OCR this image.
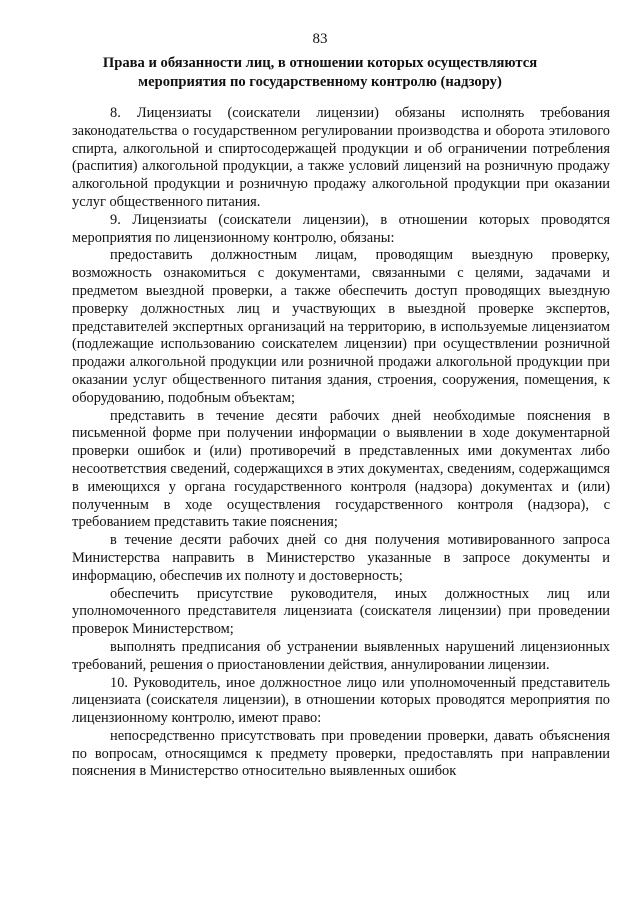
83
Права и обязанности лиц, в отношении которых осуществляются
мероприятия по государственному контролю (надзору)

8. Лицензиаты (соискатели лицензии) обязаны исполнять требования законодательства о государственном регулировании производства и оборота этилового спирта, алкогольной и спиртосодержащей продукции и об ограничении потребления (распития) алкогольной продукции, а также условий лицензий на розничную продажу алкогольной продукции и розничную продажу алкогольной продукции при оказании услуг общественного питания.

9. Лицензиаты (соискатели лицензии), в отношении которых проводятся мероприятия по лицензионному контролю, обязаны:

предоставить должностным лицам, проводящим выездную проверку, возможность ознакомиться с документами, связанными с целями, задачами и предметом выездной проверки, а также обеспечить доступ проводящих выездную проверку должностных лиц и участвующих в выездной проверке экспертов, представителей экспертных организаций на территорию, в используемые лицензиатом (подлежащие использованию соискателем лицензии) при осуществлении розничной продажи алкогольной продукции или розничной продажи алкогольной продукции при оказании услуг общественного питания здания, строения, сооружения, помещения, к оборудованию, подобным объектам;

представить в течение десяти рабочих дней необходимые пояснения в письменной форме при получении информации о выявлении в ходе документарной проверки ошибок и (или) противоречий в представленных ими документах либо несоответствия сведений, содержащихся в этих документах, сведениям, содержащимся в имеющихся у органа государственного контроля (надзора) документах и (или) полученным в ходе осуществления государственного контроля (надзора), с требованием представить такие пояснения;

в течение десяти рабочих дней со дня получения мотивированного запроса Министерства направить в Министерство указанные в запросе документы и информацию, обеспечив их полноту и достоверность;

обеспечить присутствие руководителя, иных должностных лиц или уполномоченного представителя лицензиата (соискателя лицензии) при проведении проверок Министерством;

выполнять предписания об устранении выявленных нарушений лицензионных требований, решения о приостановлении действия, аннулировании лицензии.

10. Руководитель, иное должностное лицо или уполномоченный представитель лицензиата (соискателя лицензии), в отношении которых проводятся мероприятия по лицензионному контролю, имеют право:

непосредственно присутствовать при проведении проверки, давать объяснения по вопросам, относящимся к предмету проверки, предоставлять при направлении пояснения в Министерство относительно выявленных ошибок
